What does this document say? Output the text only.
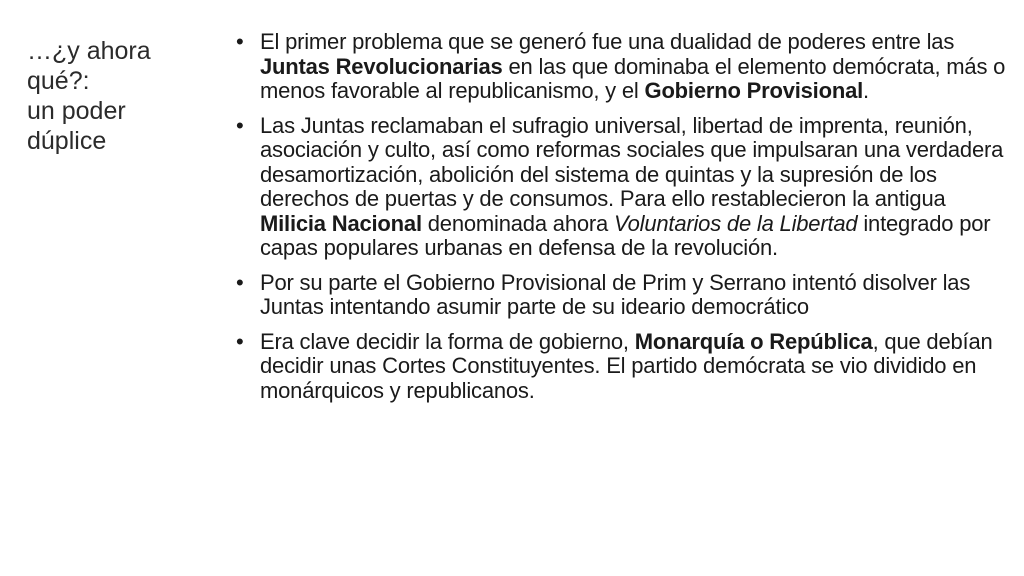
…¿y ahora
qué?:
un poder
dúplice
• El primer problema que se generó fue una dualidad de poderes entre las Juntas Revolucionarias en las que dominaba el elemento demócrata, más o menos favorable al republicanismo, y el Gobierno Provisional.
• Las Juntas reclamaban el sufragio universal, libertad de imprenta, reunión, asociación y culto, así como reformas sociales que impulsaran una verdadera desamortización, abolición del sistema de quintas y la supresión de los derechos de puertas y de consumos. Para ello restablecieron la antigua Milicia Nacional denominada ahora Voluntarios de la Libertad integrado por capas populares urbanas en defensa de la revolución.
• Por su parte el Gobierno Provisional de Prim y Serrano intentó disolver las Juntas intentando asumir parte de su ideario democrático
• Era clave decidir la forma de gobierno, Monarquía o República, que debían decidir unas Cortes Constituyentes. El partido demócrata se vio dividido en monárquicos y republicanos.
